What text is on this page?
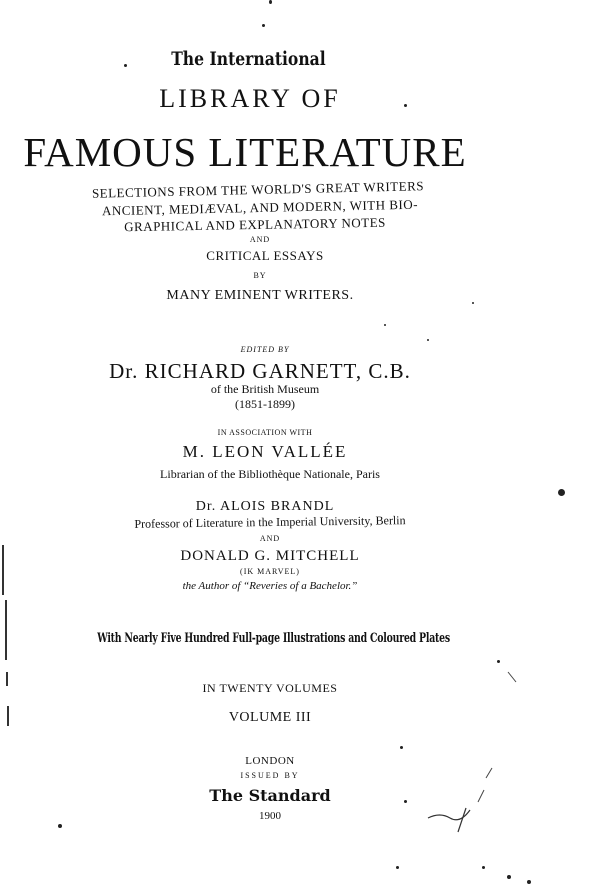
The International
LIBRARY OF
FAMOUS LITERATURE
SELECTIONS FROM THE WORLD'S GREAT WRITERS
ANCIENT, MEDIÆVAL, AND MODERN, WITH BIO-
GRAPHICAL AND EXPLANATORY NOTES
AND
CRITICAL ESSAYS
BY
MANY EMINENT WRITERS.
EDITED BY
Dr. RICHARD GARNETT, C.B.
of the British Museum
(1851-1899)
IN ASSOCIATION WITH
M. LEON VALLÉE
Librarian of the Bibliothèque Nationale, Paris
Dr. ALOIS BRANDL
Professor of Literature in the Imperial University, Berlin
AND
DONALD G. MITCHELL
(IK MARVEL)
the Author of “Reveries of a Bachelor.”
With Nearly Five Hundred Full-page Illustrations and Coloured Plates
IN TWENTY VOLUMES
VOLUME III
LONDON
ISSUED BY
The Standard
1900
